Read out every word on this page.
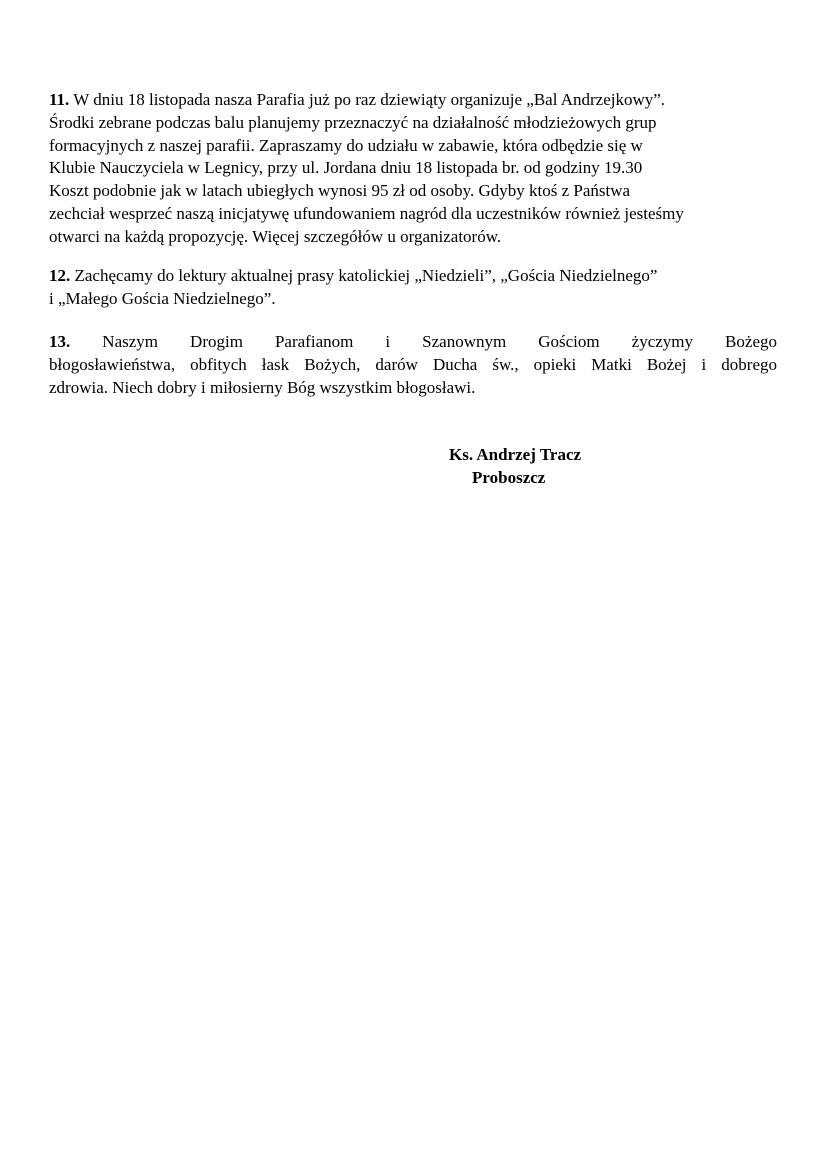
11. W dniu 18 listopada nasza Parafia już po raz dziewiąty organizuje „Bal Andrzejkowy”.
Środki zebrane podczas balu planujemy przeznaczyć na działalność młodzieżowych grup
formacyjnych z naszej parafii. Zapraszamy do udziału w zabawie, która odbędzie się w
Klubie Nauczyciela w Legnicy, przy ul. Jordana dniu 18 listopada br. od godziny 19.30
Koszt podobnie jak w latach ubiegłych wynosi 95 zł od osoby. Gdyby ktoś z Państwa
zechciał wesprzeć naszą inicjatywę ufundowaniem nagród dla uczestników również jesteśmy
otwarci na każdą propozycję. Więcej szczegółów u organizatorów.
12. Zachęcamy do lektury aktualnej prasy katolickiej „Niedzieli”, „Gościa Niedzielnego”
i „Małego Gościa Niedzielnego”.
13. Naszym Drogim Parafianom i Szanownym Gościom życzymy Bożego
błogosławieństwa, obfitych łask Bożych, darów Ducha św., opieki Matki Bożej i dobrego
zdrowia. Niech dobry i miłosierny Bóg wszystkim błogosławi.
Ks. Andrzej Tracz
Proboszcz
